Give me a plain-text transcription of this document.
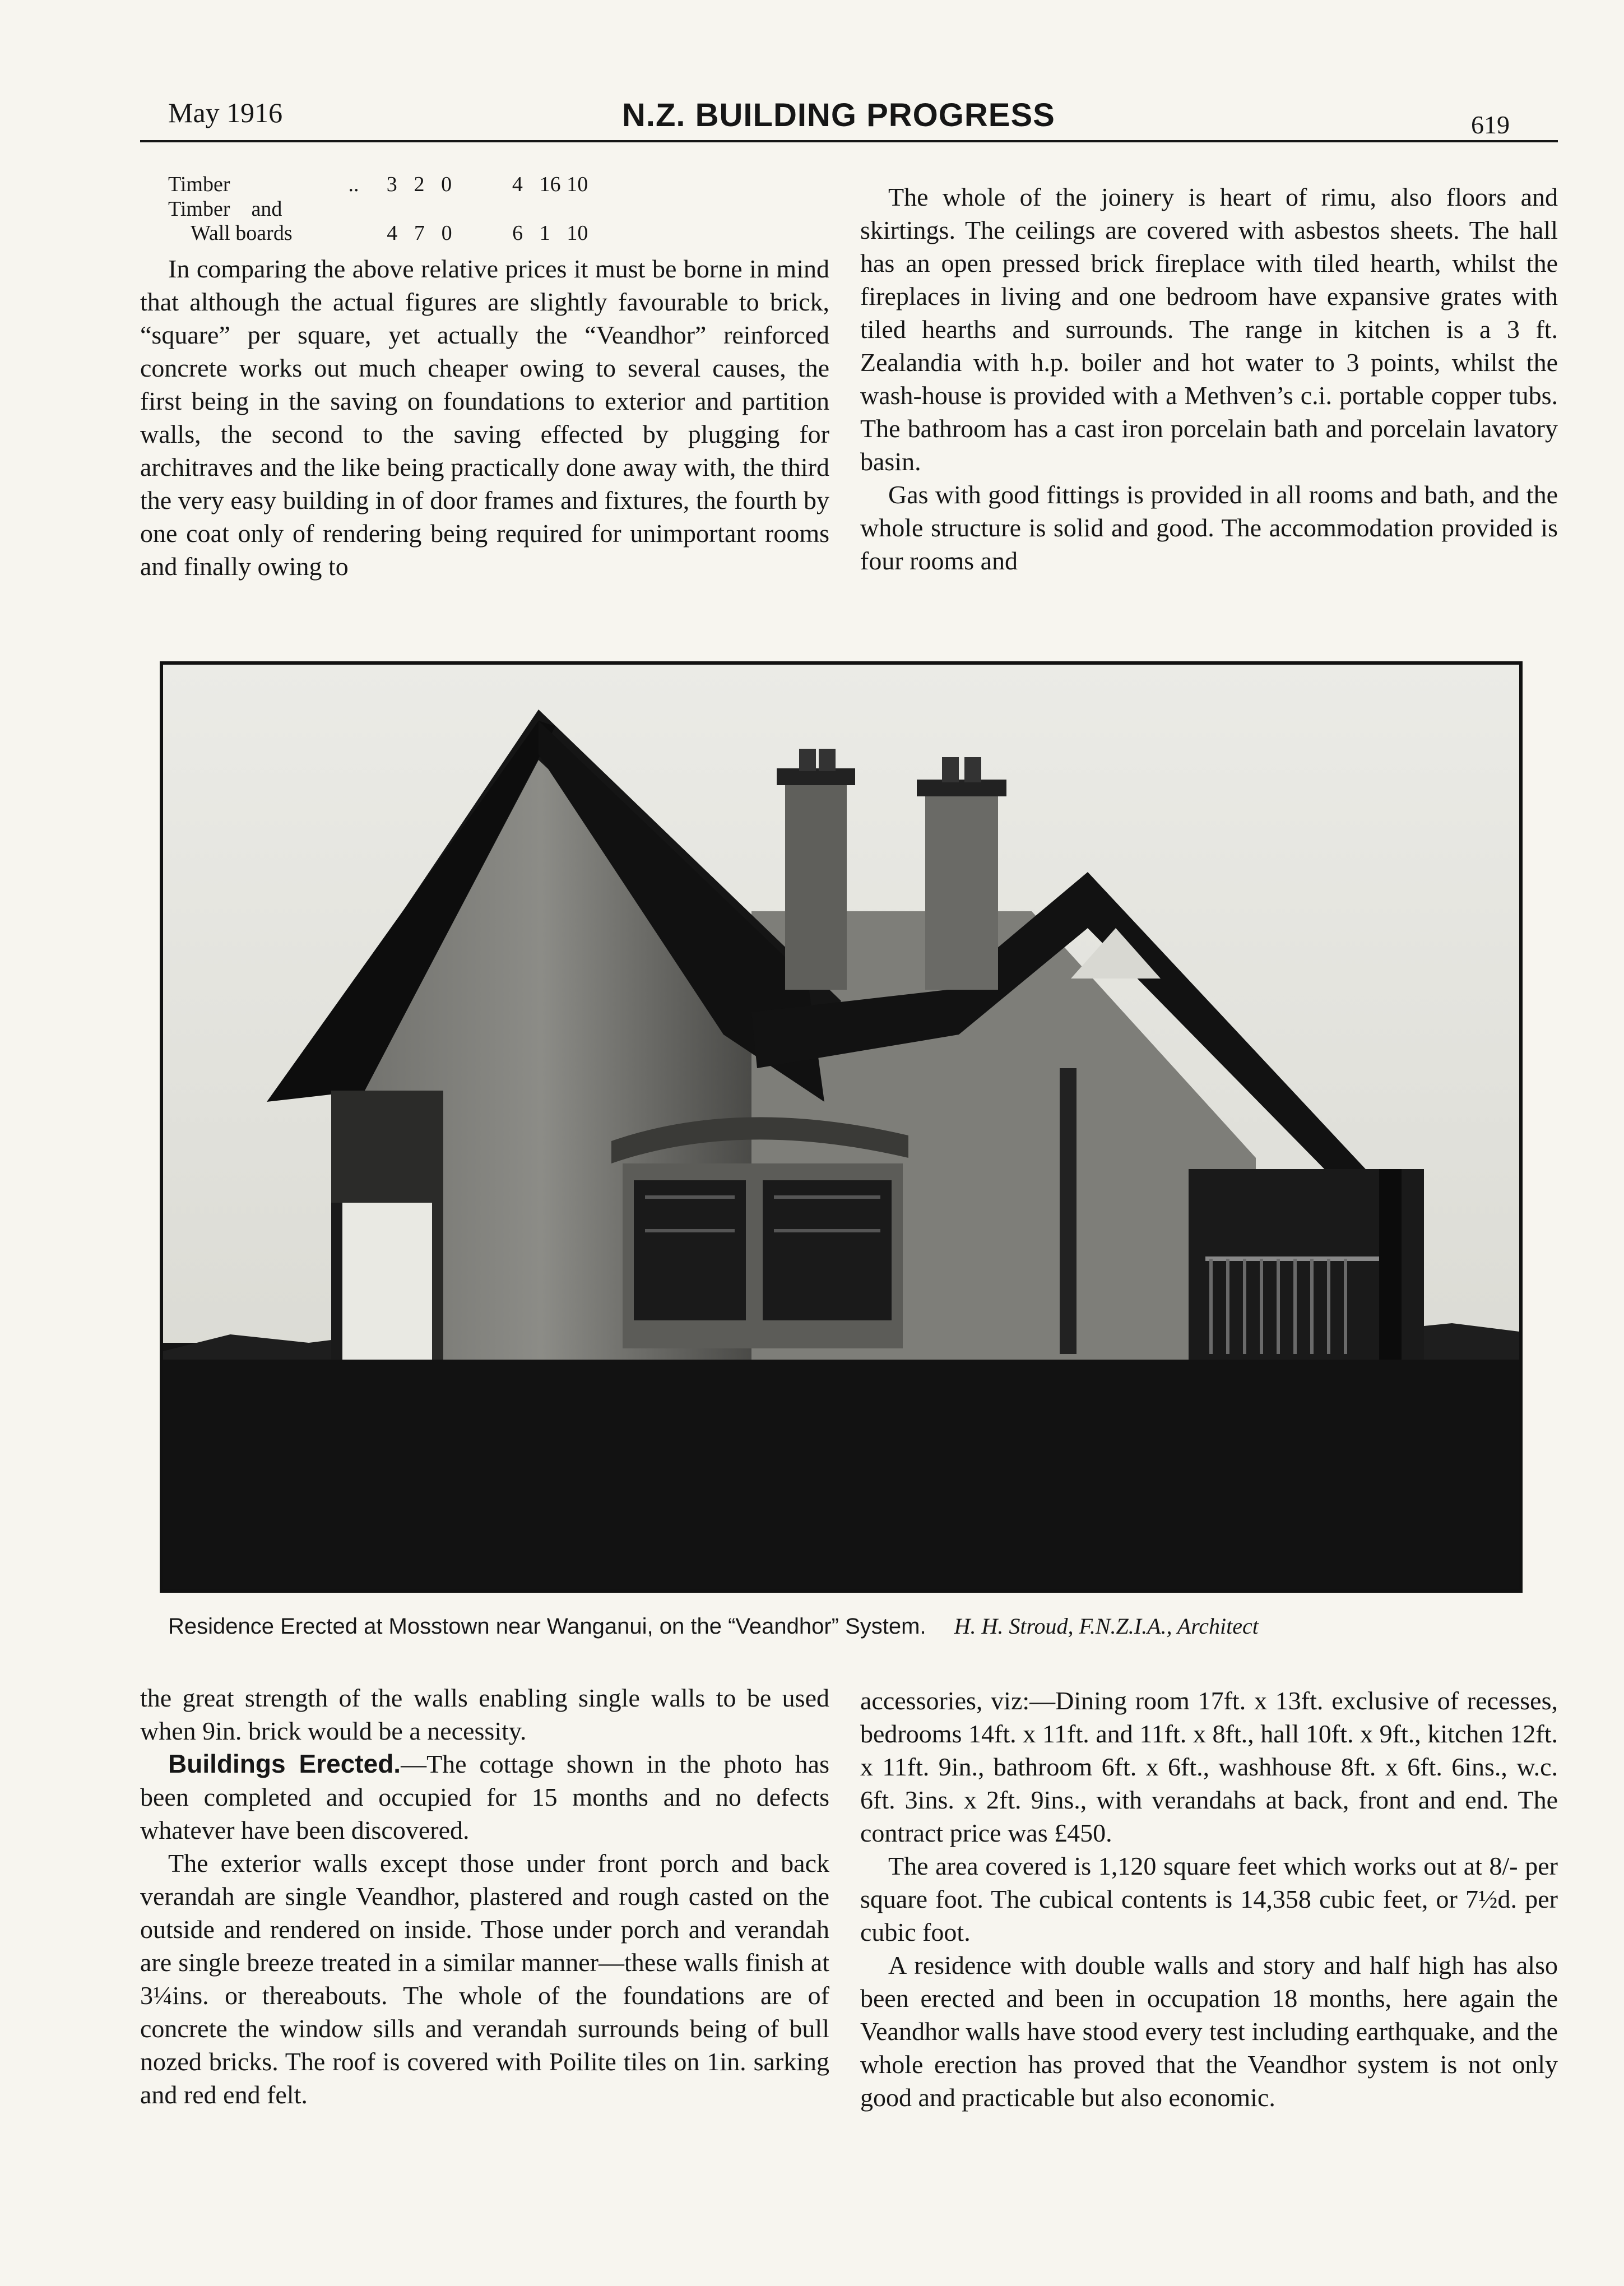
May 1916	N.Z. BUILDING PROGRESS	619
Timber	..	3 2 0	4 16 10
Timber    and
Wall boards	4 7 0	6 1 10

In comparing the above relative prices it must be borne in mind that although the actual figures are slightly favourable to brick, “square” per square, yet actually the “Veandhor” reinforced concrete works out much cheaper owing to several causes, the first being in the saving on foundations to exterior and partition walls, the second to the saving effected by plugging for architraves and the like being practically done away with, the third the very easy building in of door frames and fixtures, the fourth by one coat only of rendering being required for unimportant rooms and finally owing to

The whole of the joinery is heart of rimu, also floors and skirtings. The ceilings are covered with asbestos sheets. The hall has an open pressed brick fireplace with tiled hearth, whilst the fireplaces in living and one bedroom have expansive grates with tiled hearths and surrounds. The range in kitchen is a 3 ft. Zealandia with h.p. boiler and hot water to 3 points, whilst the wash-house is provided with a Methven’s c.i. portable copper tubs. The bathroom has a cast iron porcelain bath and porcelain lavatory basin.

Gas with good fittings is provided in all rooms and bath, and the whole structure is solid and good. The accommodation provided is four rooms and

Residence Erected at Mosstown near Wanganui, on the “Veandhor” System. H. H. Stroud, F.N.Z.I.A., Architect

the great strength of the walls enabling single walls to be used when 9in. brick would be a necessity.

Buildings Erected.—The cottage shown in the photo has been completed and occupied for 15 months and no defects whatever have been discovered.

The exterior walls except those under front porch and back verandah are single Veandhor, plastered and rough casted on the outside and rendered on inside. Those under porch and verandah are single breeze treated in a similar manner—these walls finish at 3¼ins. or thereabouts. The whole of the foundations are of concrete the window sills and verandah surrounds being of bull nozed bricks. The roof is covered with Poilite tiles on 1in. sarking and red end felt.

accessories, viz:—Dining room 17ft. x 13ft. exclusive of recesses, bedrooms 14ft. x 11ft. and 11ft. x 8ft., hall 10ft. x 9ft., kitchen 12ft. x 11ft. 9in., bathroom 6ft. x 6ft., washhouse 8ft. x 6ft. 6ins., w.c. 6ft. 3ins. x 2ft. 9ins., with verandahs at back, front and end. The contract price was £450.

The area covered is 1,120 square feet which works out at 8/- per square foot. The cubical contents is 14,358 cubic feet, or 7½d. per cubic foot.

A residence with double walls and story and half high has also been erected and been in occupation 18 months, here again the Veandhor walls have stood every test including earthquake, and the whole erection has proved that the Veandhor system is not only good and practicable but also economic.
